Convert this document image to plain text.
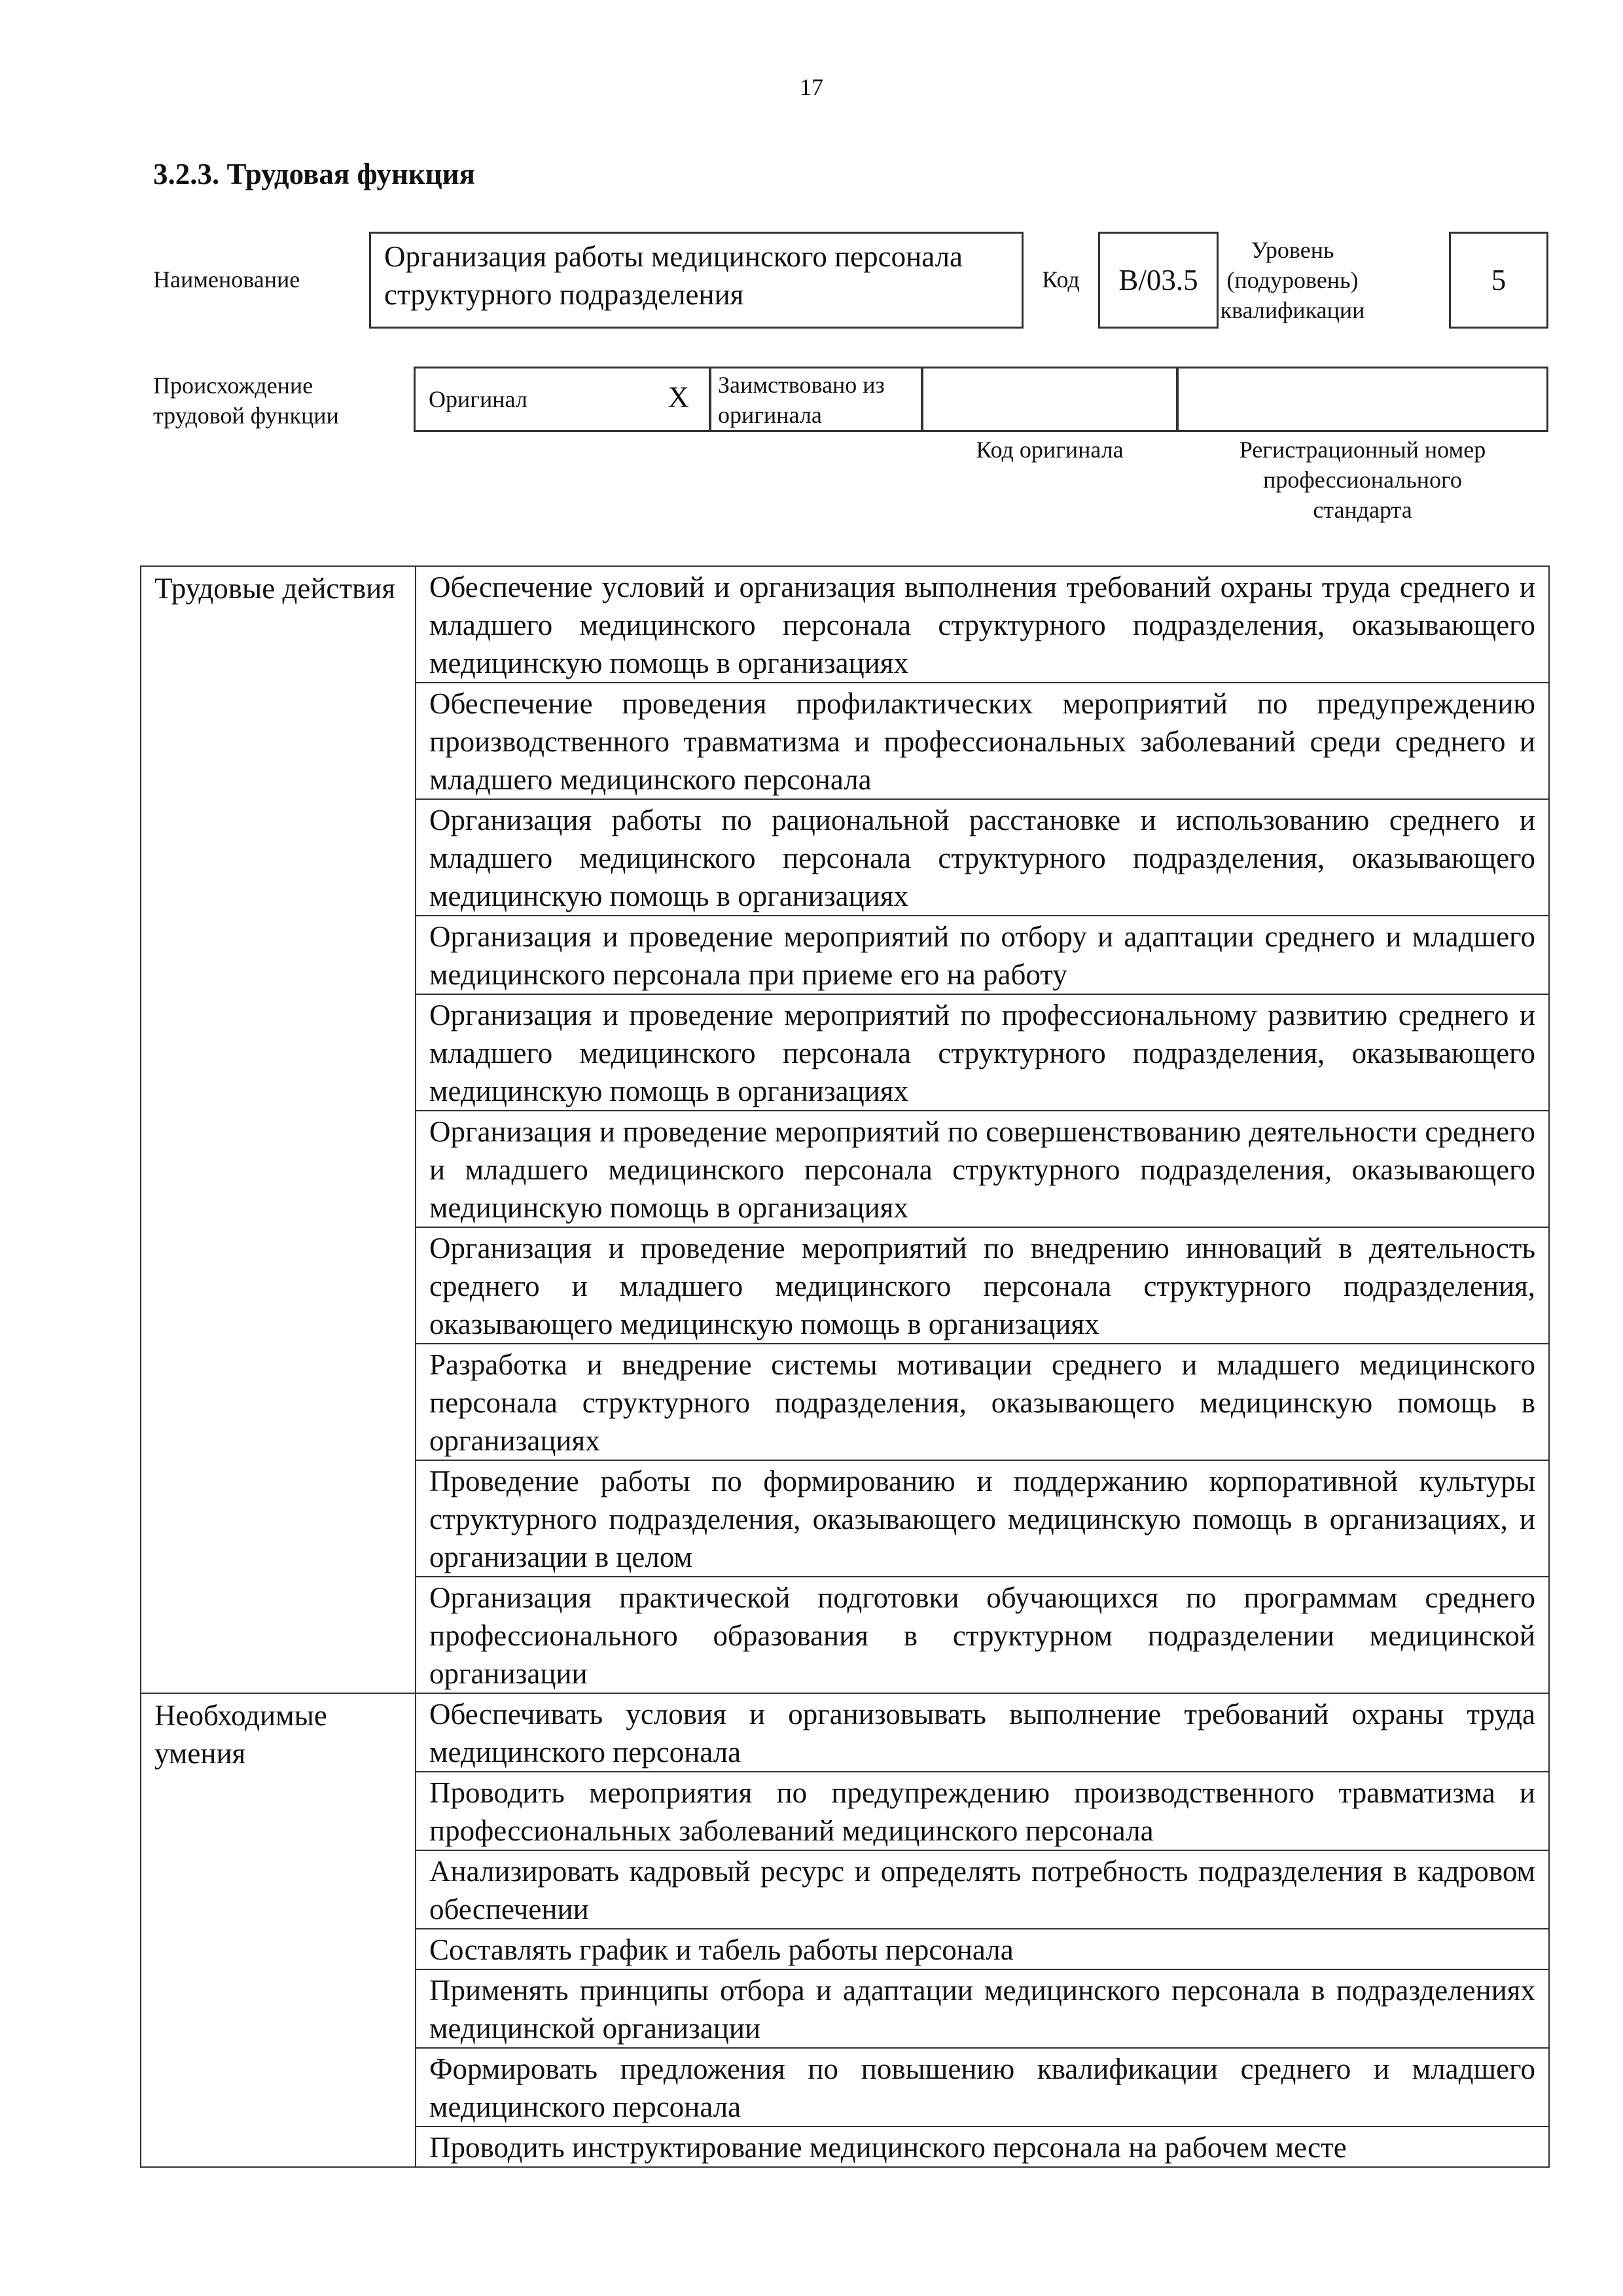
17
3.2.3. Трудовая функция
Наименование
Организация работы медицинского персонала структурного подразделения	Код	B/03.5
Уровень (подуровень) квалификации
5
Происхождение трудовой функции
Оригинал	X	Заимствовано из оригинала
Код оригинала	Регистрационный номер профессионального стандарта
Трудовые действия	Обеспечение условий и организация выполнения требований охраны труда среднего и младшего медицинского персонала структурного подразделения, оказывающего медицинскую помощь в организациях
	Обеспечение проведения профилактических мероприятий по предупреждению производственного травматизма и профессиональных заболеваний среди среднего и младшего медицинского персонала
	Организация работы по рациональной расстановке и использованию среднего и младшего медицинского персонала структурного подразделения, оказывающего медицинскую помощь в организациях
	Организация и проведение мероприятий по отбору и адаптации среднего и младшего медицинского персонала при приеме его на работу
	Организация и проведение мероприятий по профессиональному развитию среднего и младшего медицинского персонала структурного подразделения, оказывающего медицинскую помощь в организациях
	Организация и проведение мероприятий по совершенствованию деятельности среднего и младшего медицинского персонала структурного подразделения, оказывающего медицинскую помощь в организациях
	Организация и проведение мероприятий по внедрению инноваций в деятельность среднего и младшего медицинского персонала структурного подразделения, оказывающего медицинскую помощь в организациях
	Разработка и внедрение системы мотивации среднего и младшего медицинского персонала структурного подразделения, оказывающего медицинскую помощь в организациях
	Проведение работы по формированию и поддержанию корпоративной культуры структурного подразделения, оказывающего медицинскую помощь в организациях, и организации в целом
	Организация практической подготовки обучающихся по программам среднего профессионального образования в структурном подразделении медицинской организации
Необходимые умения	Обеспечивать условия и организовывать выполнение требований охраны труда медицинского персонала
	Проводить мероприятия по предупреждению производственного травматизма и профессиональных заболеваний медицинского персонала
	Анализировать кадровый ресурс и определять потребность подразделения в кадровом обеспечении
	Составлять график и табель работы персонала
	Применять принципы отбора и адаптации медицинского персонала в подразделениях медицинской организации
	Формировать предложения по повышению квалификации среднего и младшего медицинского персонала
	Проводить инструктирование медицинского персонала на рабочем месте
